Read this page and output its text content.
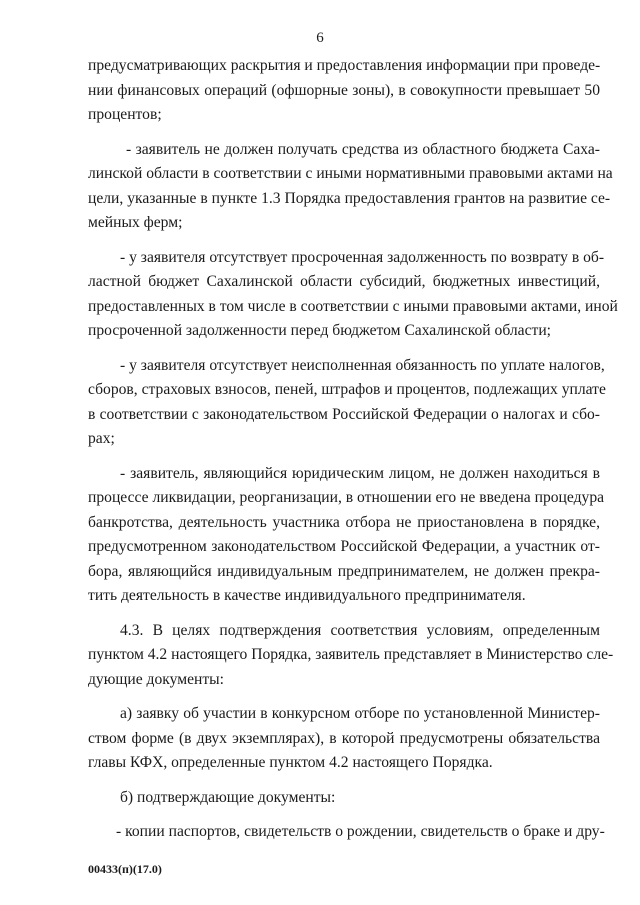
6
предусматривающих раскрытия и предоставления информации при проведе-
нии финансовых операций (офшорные зоны), в совокупности превышает 50
процентов;
- заявитель не должен получать средства из областного бюджета Саха-
линской области в соответствии с иными нормативными правовыми актами на
цели, указанные в пункте 1.3 Порядка предоставления грантов на развитие се-
мейных ферм;
- у заявителя отсутствует просроченная задолженность по возврату в об-
ластной бюджет Сахалинской области субсидий, бюджетных инвестиций,
предоставленных в том числе в соответствии с иными правовыми актами, иной
просроченной задолженности перед бюджетом Сахалинской области;
- у заявителя отсутствует неисполненная обязанность по уплате налогов,
сборов, страховых взносов, пеней, штрафов и процентов, подлежащих уплате
в соответствии с законодательством Российской Федерации о налогах и сбо-
рах;
- заявитель, являющийся юридическим лицом, не должен находиться в
процессе ликвидации, реорганизации, в отношении его не введена процедура
банкротства, деятельность участника отбора не приостановлена в порядке,
предусмотренном законодательством Российской Федерации, а участник от-
бора, являющийся индивидуальным предпринимателем, не должен прекра-
тить деятельность в качестве индивидуального предпринимателя.
4.3. В целях подтверждения соответствия условиям, определенным
пунктом 4.2 настоящего Порядка, заявитель представляет в Министерство сле-
дующие документы:
а) заявку об участии в конкурсном отборе по установленной Министер-
ством форме (в двух экземплярах), в которой предусмотрены обязательства
главы КФХ, определенные пунктом 4.2 настоящего Порядка.
б) подтверждающие документы:
- копии паспортов, свидетельств о рождении, свидетельств о браке и дру-
00433(п)(17.0)
